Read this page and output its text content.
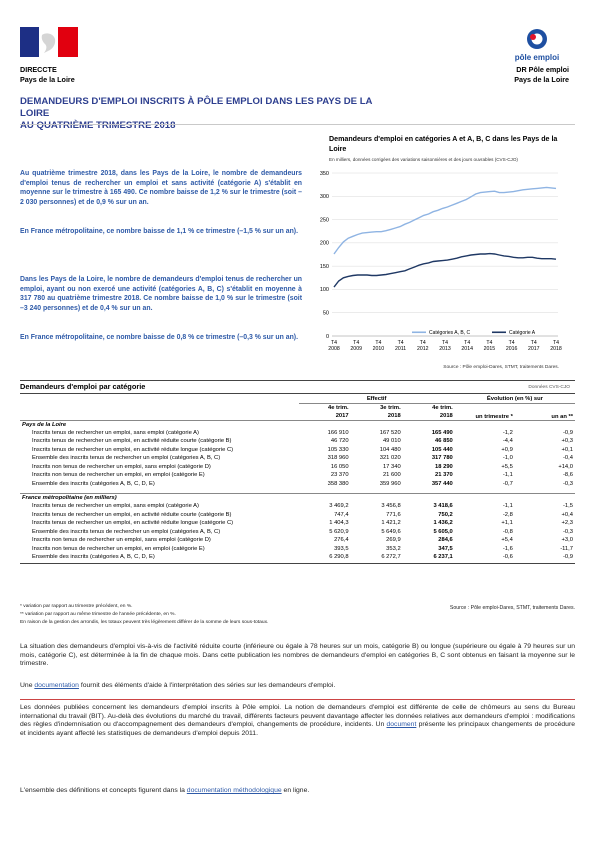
pôle emploi
DIRECCTE
Pays de la Loire
DR Pôle emploi
Pays de la Loire
DEMANDEURS D'EMPLOI INSCRITS À PÔLE EMPLOI DANS LES PAYS DE LA LOIRE
AU QUATRIÈME TRIMESTRE 2018
Au quatrième trimestre 2018, dans les Pays de la Loire, le nombre de demandeurs d'emploi tenus de rechercher un emploi et sans activité (catégorie A) s'établit en moyenne sur le trimestre à 165 490. Ce nombre baisse de 1,2 % sur le trimestre (soit –2 030 personnes) et de 0,9 % sur un an.
En France métropolitaine, ce nombre baisse de 1,1 % ce trimestre (–1,5 % sur un an).
Dans les Pays de la Loire, le nombre de demandeurs d'emploi tenus de rechercher un emploi, ayant ou non exercé une activité (catégories A, B, C) s'établit en moyenne à 317 780 au quatrième trimestre 2018. Ce nombre baisse de 1,0 % sur le trimestre (soit –3 240 personnes) et de 0,4 % sur un an.
En France métropolitaine, ce nombre baisse de 0,8 % ce trimestre (–0,3 % sur un an).
Demandeurs d'emploi en catégories A et A, B, C dans les Pays de la Loire
En milliers, données corrigées des variations saisonnières et des jours ouvrables (CVS-CJO)
0
50
100
150
200
250
300
350
T4
2008
T4
2009
T4
2010
T4
2011
T4
2012
T4
2013
T4
2014
T4
2015
T4
2016
T4
2017
T4
2018
Catégories A, B, C	Catégorie A
Source : Pôle emploi-Dares, STMT, traitements Dares.
Demandeurs d'emploi par catégorie	Données CVS-CJO
	Effectif			Évolution (en %) sur	
	4e trim.	3e trim.	4e trim.	un trimestre *	un an **
	2017	2018	2018		
Pays de la Loire					
Inscrits tenus de rechercher un emploi, sans emploi (catégorie A)	166 910	167 520	165 490	-1,2	-0,9
Inscrits tenus de rechercher un emploi, en activité réduite courte (catégorie B)	46 720	49 010	46 850	-4,4	+0,3
Inscrits tenus de rechercher un emploi, en activité réduite longue (catégorie C)	105 330	104 480	105 440	+0,9	+0,1
Ensemble des inscrits tenus de rechercher un emploi (catégories A, B, C)	318 960	321 020	317 780	-1,0	-0,4
Inscrits non tenus de rechercher un emploi, sans emploi (catégorie D)	16 050	17 340	18 290	+5,5	+14,0
Inscrits non tenus de rechercher un emploi, en emploi (catégorie E)	23 370	21 600	21 370	-1,1	-8,6
Ensemble des inscrits (catégories A, B, C, D, E)	358 380	359 960	357 440	-0,7	-0,3

France métropolitaine (en milliers)					
Inscrits tenus de rechercher un emploi, sans emploi (catégorie A)	3 469,2	3 456,8	3 418,6	-1,1	-1,5
Inscrits tenus de rechercher un emploi, en activité réduite courte (catégorie B)	747,4	771,6	750,2	-2,8	+0,4
Inscrits tenus de rechercher un emploi, en activité réduite longue (catégorie C)	1 404,3	1 421,2	1 436,2	+1,1	+2,3
Ensemble des inscrits tenus de rechercher un emploi (catégories A, B, C)	5 620,9	5 649,6	5 605,0	-0,8	-0,3
Inscrits non tenus de rechercher un emploi, sans emploi (catégorie D)	276,4	269,9	284,6	+5,4	+3,0
Inscrits non tenus de rechercher un emploi, en emploi (catégorie E)	393,5	353,2	347,5	-1,6	-11,7
Ensemble des inscrits (catégories A, B, C, D, E)	6 290,8	6 272,7	6 237,1	-0,6	-0,9

* variation par rapport au trimestre précédent, en %.
** variation par rapport au même trimestre de l'année précédente, en %.
En raison de la gestion des arrondis, les totaux peuvent très légèrement différer de la somme de leurs sous-totaux.
Source : Pôle emploi-Dares, STMT, traitements Dares.
La situation des demandeurs d'emploi vis-à-vis de l'activité réduite courte (inférieure ou égale à 78 heures sur un mois, catégorie B) ou longue (supérieure ou égale à 79 heures sur un mois, catégorie C), est déterminée à la fin de chaque mois. Dans cette publication les nombres de demandeurs d'emploi en catégories B, C sont obtenus en faisant la moyenne sur le trimestre.
Une documentation fournit des éléments d'aide à l'interprétation des séries sur les demandeurs d'emploi.
Les données publiées concernent les demandeurs d'emploi inscrits à Pôle emploi. La notion de demandeurs d'emploi est différente de celle de chômeurs au sens du Bureau international du travail (BIT). Au-delà des évolutions du marché du travail, différents facteurs peuvent davantage affecter les données relatives aux demandeurs d'emploi : modifications des règles d'indemnisation ou d'accompagnement des demandeurs d'emploi, changements de procédure, incidents. Un document présente les principaux changements de procédure et incidents ayant affecté les statistiques de demandeurs d'emploi depuis 2011.
L'ensemble des définitions et concepts figurent dans la documentation méthodologique en ligne.
